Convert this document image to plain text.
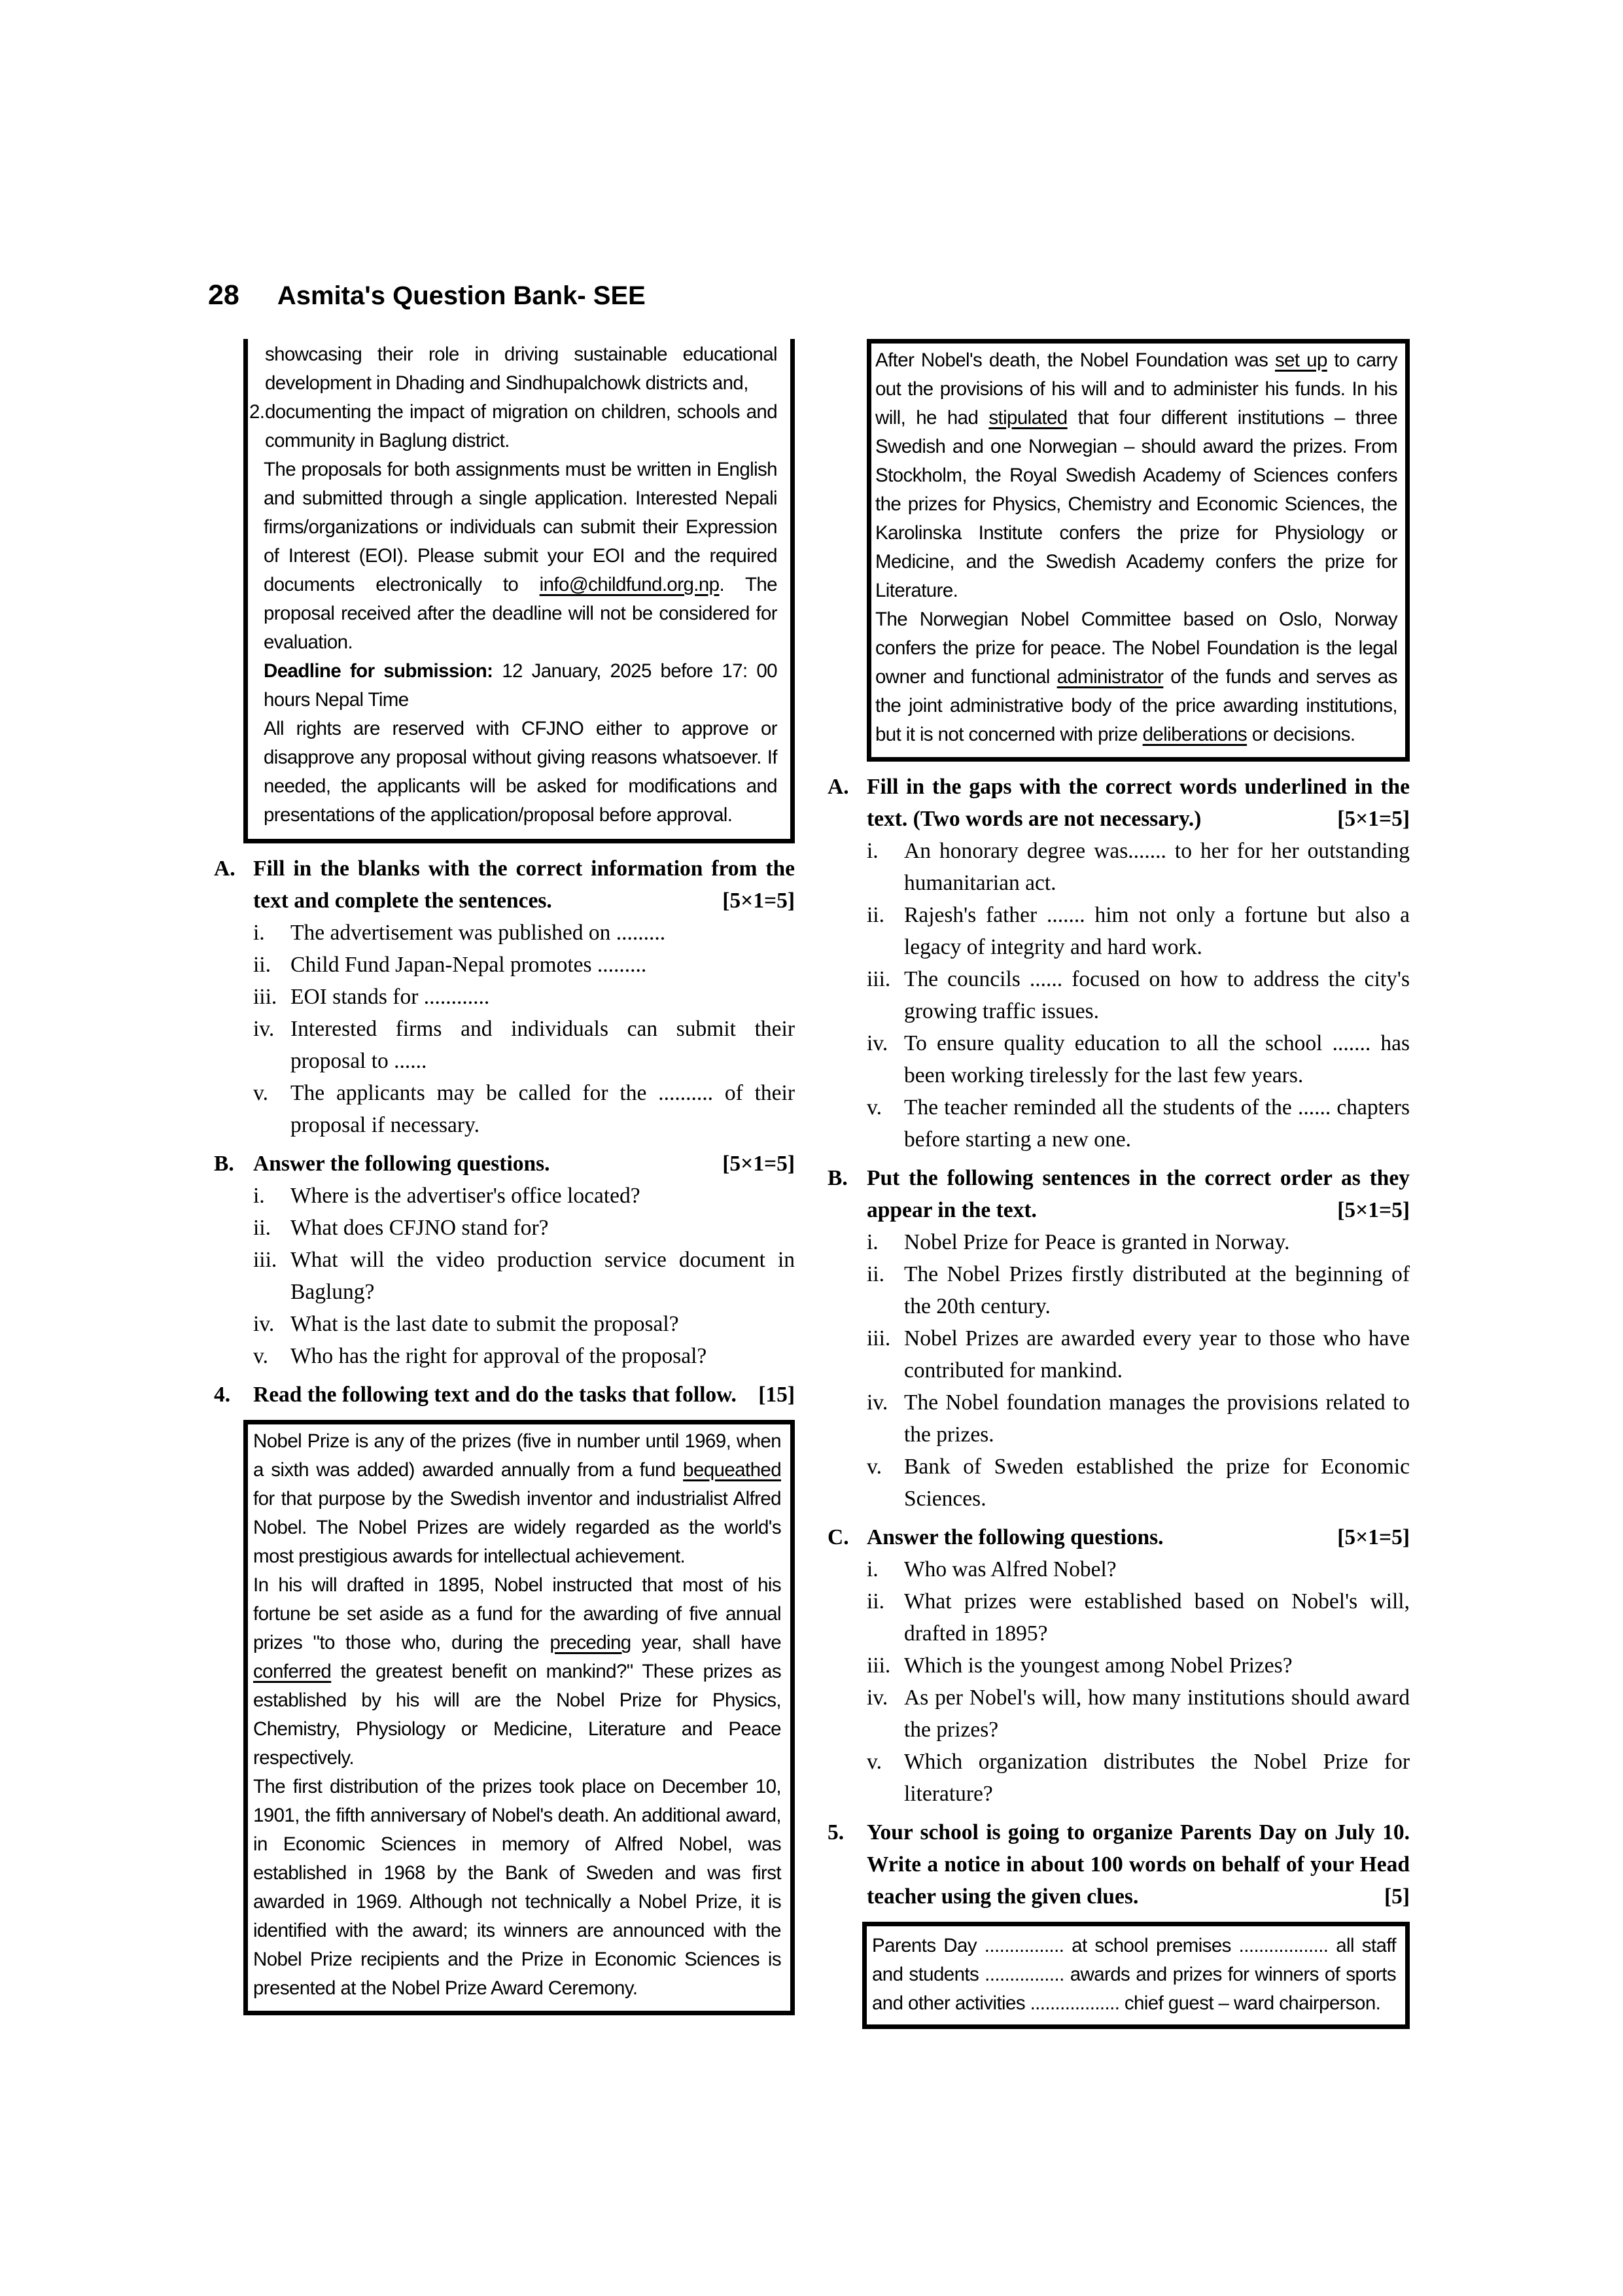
28 Asmita's Question Bank- SEE
showcasing their role in driving sustainable educational development in Dhading and Sindhupalchowk districts and,
2. documenting the impact of migration on children, schools and community in Baglung district.

The proposals for both assignments must be written in English and submitted through a single application. Interested Nepali firms/organizations or individuals can submit their Expression of Interest (EOI). Please submit your EOI and the required documents electronically to info@childfund.org.np. The proposal received after the deadline will not be considered for evaluation.

Deadline for submission: 12 January, 2025 before 17: 00 hours Nepal Time

All rights are reserved with CFJNO either to approve or disapprove any proposal without giving reasons whatsoever. If needed, the applicants will be asked for modifications and presentations of the application/proposal before approval.

A. Fill in the blanks with the correct information from the text and complete the sentences.	[5×1=5]
i.	The advertisement was published on .........
ii. Child Fund Japan-Nepal promotes .........
iii. EOI stands for ............
iv. Interested firms and individuals can submit their proposal to ......
v.	The applicants may be called for the .......... of their proposal if necessary.
B. Answer the following questions.	[5×1=5]
i.	Where is the advertiser's office located?
ii. What does CFJNO stand for?
iii. What will the video production service document in Baglung?
iv. What is the last date to submit the proposal?
v.	Who has the right for approval of the proposal?
4.	Read the following text and do the tasks that follow. [15]

Nobel Prize is any of the prizes (five in number until 1969, when a sixth was added) awarded annually from a fund bequeathed for that purpose by the Swedish inventor and industrialist Alfred Nobel. The Nobel Prizes are widely regarded as the world's most prestigious awards for intellectual achievement.

In his will drafted in 1895, Nobel instructed that most of his fortune be set aside as a fund for the awarding of five annual prizes "to those who, during the preceding year, shall have conferred the greatest benefit on mankind?" These prizes as established by his will are the Nobel Prize for Physics, Chemistry, Physiology or Medicine, Literature and Peace respectively.

The first distribution of the prizes took place on December 10, 1901, the fifth anniversary of Nobel's death. An additional award, in Economic Sciences in memory of Alfred Nobel, was established in 1968 by the Bank of Sweden and was first awarded in 1969. Although not technically a Nobel Prize, it is identified with the award; its winners are announced with the Nobel Prize recipients and the Prize in Economic Sciences is presented at the Nobel Prize Award Ceremony.

After Nobel's death, the Nobel Foundation was set up to carry out the provisions of his will and to administer his funds. In his will, he had stipulated that four different institutions – three Swedish and one Norwegian – should award the prizes. From Stockholm, the Royal Swedish Academy of Sciences confers the prizes for Physics, Chemistry and Economic Sciences, the Karolinska Institute confers the prize for Physiology or Medicine, and the Swedish Academy confers the prize for Literature.

The Norwegian Nobel Committee based on Oslo, Norway confers the prize for peace. The Nobel Foundation is the legal owner and functional administrator of the funds and serves as the joint administrative body of the price awarding institutions, but it is not concerned with prize deliberations or decisions.

A. Fill in the gaps with the correct words underlined in the text. (Two words are not necessary.)	[5×1=5]
i.	An honorary degree was....... to her for her outstanding humanitarian act.
ii. Rajesh's father ....... him not only a fortune but also a legacy of integrity and hard work.
iii. The councils ...... focused on how to address the city's growing traffic issues.
iv. To ensure quality education to all the school ....... has been working tirelessly for the last few years.
v.	The teacher reminded all the students of the ...... chapters before starting a new one.
B. Put the following sentences in the correct order as they appear in the text.	[5×1=5]
i.	Nobel Prize for Peace is granted in Norway.
ii. The Nobel Prizes firstly distributed at the beginning of the 20th century.
iii. Nobel Prizes are awarded every year to those who have contributed for mankind.
iv. The Nobel foundation manages the provisions related to the prizes.
v.	Bank of Sweden established the prize for Economic Sciences.
C. Answer the following questions.	[5×1=5]
i.	Who was Alfred Nobel?
ii. What prizes were established based on Nobel's will, drafted in 1895?
iii. Which is the youngest among Nobel Prizes?
iv. As per Nobel's will, how many institutions should award the prizes?
v.	Which organization distributes the Nobel Prize for literature?
5.	Your school is going to organize Parents Day on July 10. Write a notice in about 100 words on behalf of your Head teacher using the given clues.	[5]

Parents Day ................ at school premises .................. all staff and students ................ awards and prizes for winners of sports and other activities .................. chief guest – ward chairperson.
